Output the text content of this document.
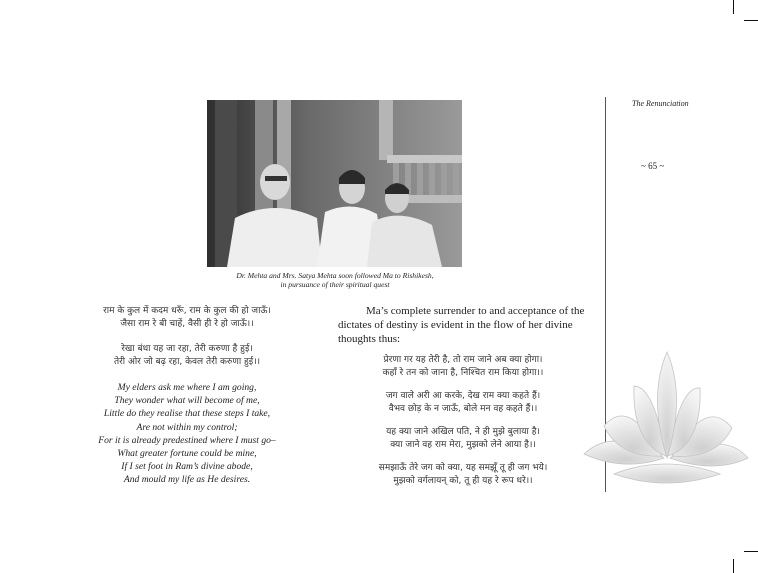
Dr. Mehta and Mrs. Satya Mehta soon followed Ma to Rishikesh,
in pursuance of their spiritual quest
राम के कुल में कदम धरूँ, राम के कुल की हो जाऊँ।
जैसा राम रे बी चाहें, वैसी ही रे हो जाऊँ।।
रेखा बंधा यह जा रहा, तेरी करुणा है हुई।
तेरी ओर जो बढ़ रहा, केवल तेरी करुणा हुई।।
My elders ask me where I am going,
They wonder what will become of me,
Little do they realise that these steps I take,
Are not within my control;
For it is already predestined where I must go–
What greater fortune could be mine,
If I set foot in Ram’s divine abode,
And mould my life as He desires.

Ma’s complete surrender to and acceptance of the dictates of destiny is evident in the flow of her divine thoughts thus:

प्रेरणा गर यह तेरी है, तो राम जाने अब क्या होगा।
कहाँ रे तन को जाना है, निश्चित राम किया होगा।।
जग वाले अरी आ करके, देख राम क्या कहते हैं।
वैभव छोड़ के न जाऊँ, बोले मन वह कहते हैं।।
यह क्या जाने अखिल पति, ने ही मुझे बुलाया है।
क्या जाने वह राम मेरा, मुझको लेने आया है।।
समझाऊँ तेरे जग को क्या, यह समझूँ तू ही जग भये।
मुझको वर्गलायन् को, तू ही यह रे रूप धरे।।
The Renunciation
~ 65 ~
